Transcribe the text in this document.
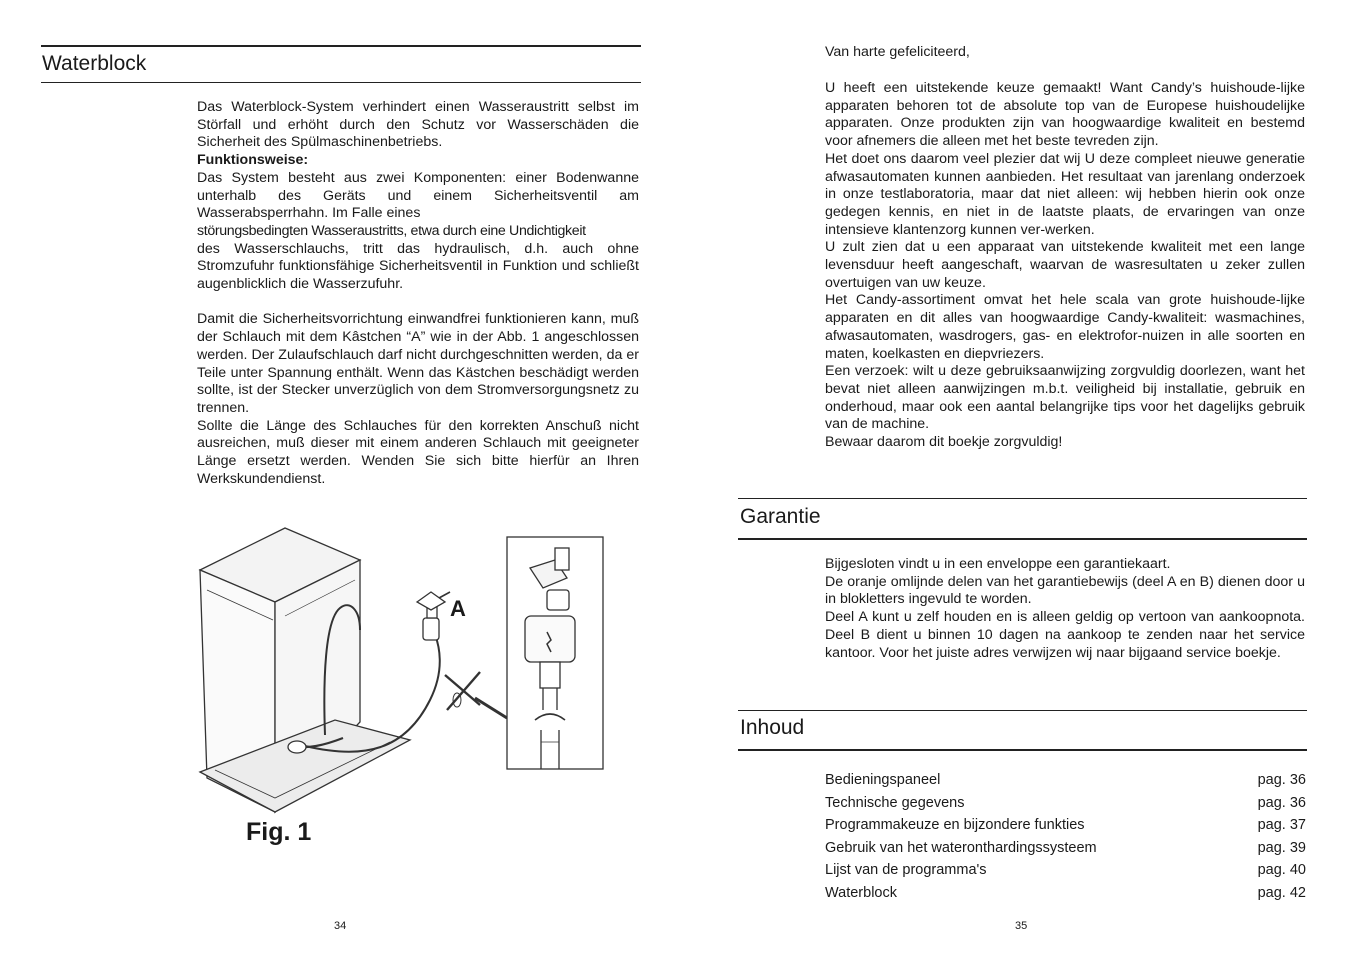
Waterblock

Das Waterblock-System verhindert einen Wasseraustritt selbst im Störfall und erhöht durch den Schutz vor Wasserschäden die Sicherheit des Spülmaschinenbetriebs.

Funktionsweise:

Das System besteht aus zwei Komponenten: einer Bodenwanne unterhalb des Geräts und einem Sicherheitsventil am Wasserabsperrhahn. Im Falle eines

störungsbedingten Wasseraustritts, etwa durch eine Undichtigkeit

des Wasserschlauchs, tritt das hydraulisch, d.h. auch ohne Stromzufuhr funktionsfähige Sicherheitsventil in Funktion und schließt augenblicklich die Wasserzufuhr.

Damit die Sicherheitsvorrichtung einwandfrei funktionieren kann, muß der Schlauch mit dem Kâstchen “A” wie in der Abb. 1 angeschlossen werden. Der Zulaufschlauch darf nicht durchgeschnitten werden, da er Teile unter Spannung enthält. Wenn das Kästchen beschädigt werden sollte, ist der Stecker unverzüglich von dem Stromversorgungsnetz zu trennen.

Sollte die Länge des Schlauches für den korrekten Anschuß nicht ausreichen, muß dieser mit einem anderen Schlauch mit geeigneter Länge ersetzt werden. Wenden Sie sich bitte hierfür an Ihren Werkskundendienst.

A
Fig. 1
34

Van harte gefeliciteerd,

U heeft een uitstekende keuze gemaakt! Want Candy’s huishoude-lijke apparaten behoren tot de absolute top van de Europese huishoudelijke apparaten. Onze produkten zijn van hoogwaardige kwaliteit en bestemd voor afnemers die alleen met het beste tevreden zijn.

Het doet ons daarom veel plezier dat wij U deze compleet nieuwe generatie afwasautomaten kunnen aanbieden. Het resultaat van jarenlang onderzoek in onze testlaboratoria, maar dat niet alleen: wij hebben hierin ook onze gedegen kennis, en niet in de laatste plaats, de ervaringen van onze intensieve klantenzorg kunnen ver-werken.

U zult zien dat u een apparaat van uitstekende kwaliteit met een lange levensduur heeft aangeschaft, waarvan de wasresultaten u zeker zullen overtuigen van uw keuze.

Het Candy-assortiment omvat het hele scala van grote huishoude-lijke apparaten en dit alles van hoogwaardige Candy-kwaliteit: wasmachines, afwasautomaten, wasdrogers, gas- en elektrofor-nuizen in alle soorten en maten, koelkasten en diepvriezers.

Een verzoek: wilt u deze gebruiksaanwijzing zorgvuldig doorlezen, want het bevat niet alleen aanwijzingen m.b.t. veiligheid bij installatie, gebruik en onderhoud, maar ook een aantal belangrijke tips voor het dagelijks gebruik van de machine.

Bewaar daarom dit boekje zorgvuldig!

Garantie

Bijgesloten vindt u in een enveloppe een garantiekaart.

De oranje omlijnde delen van het garantiebewijs (deel A en B) dienen door u in blokletters ingevuld te worden.

Deel A kunt u zelf houden en is alleen geldig op vertoon van aankoopnota. Deel B dient u binnen 10 dagen na aankoop te zenden naar het service kantoor. Voor het juiste adres verwijzen wij naar bijgaand service boekje.

Inhoud
Bedieningspaneel	pag. 36
Technische gegevens	pag. 36
Programmakeuze en bijzondere funkties	pag. 37
Gebruik van het wateronthardingssysteem	pag. 39
Lijst van de programma's	pag. 40
Waterblock	pag. 42
35
